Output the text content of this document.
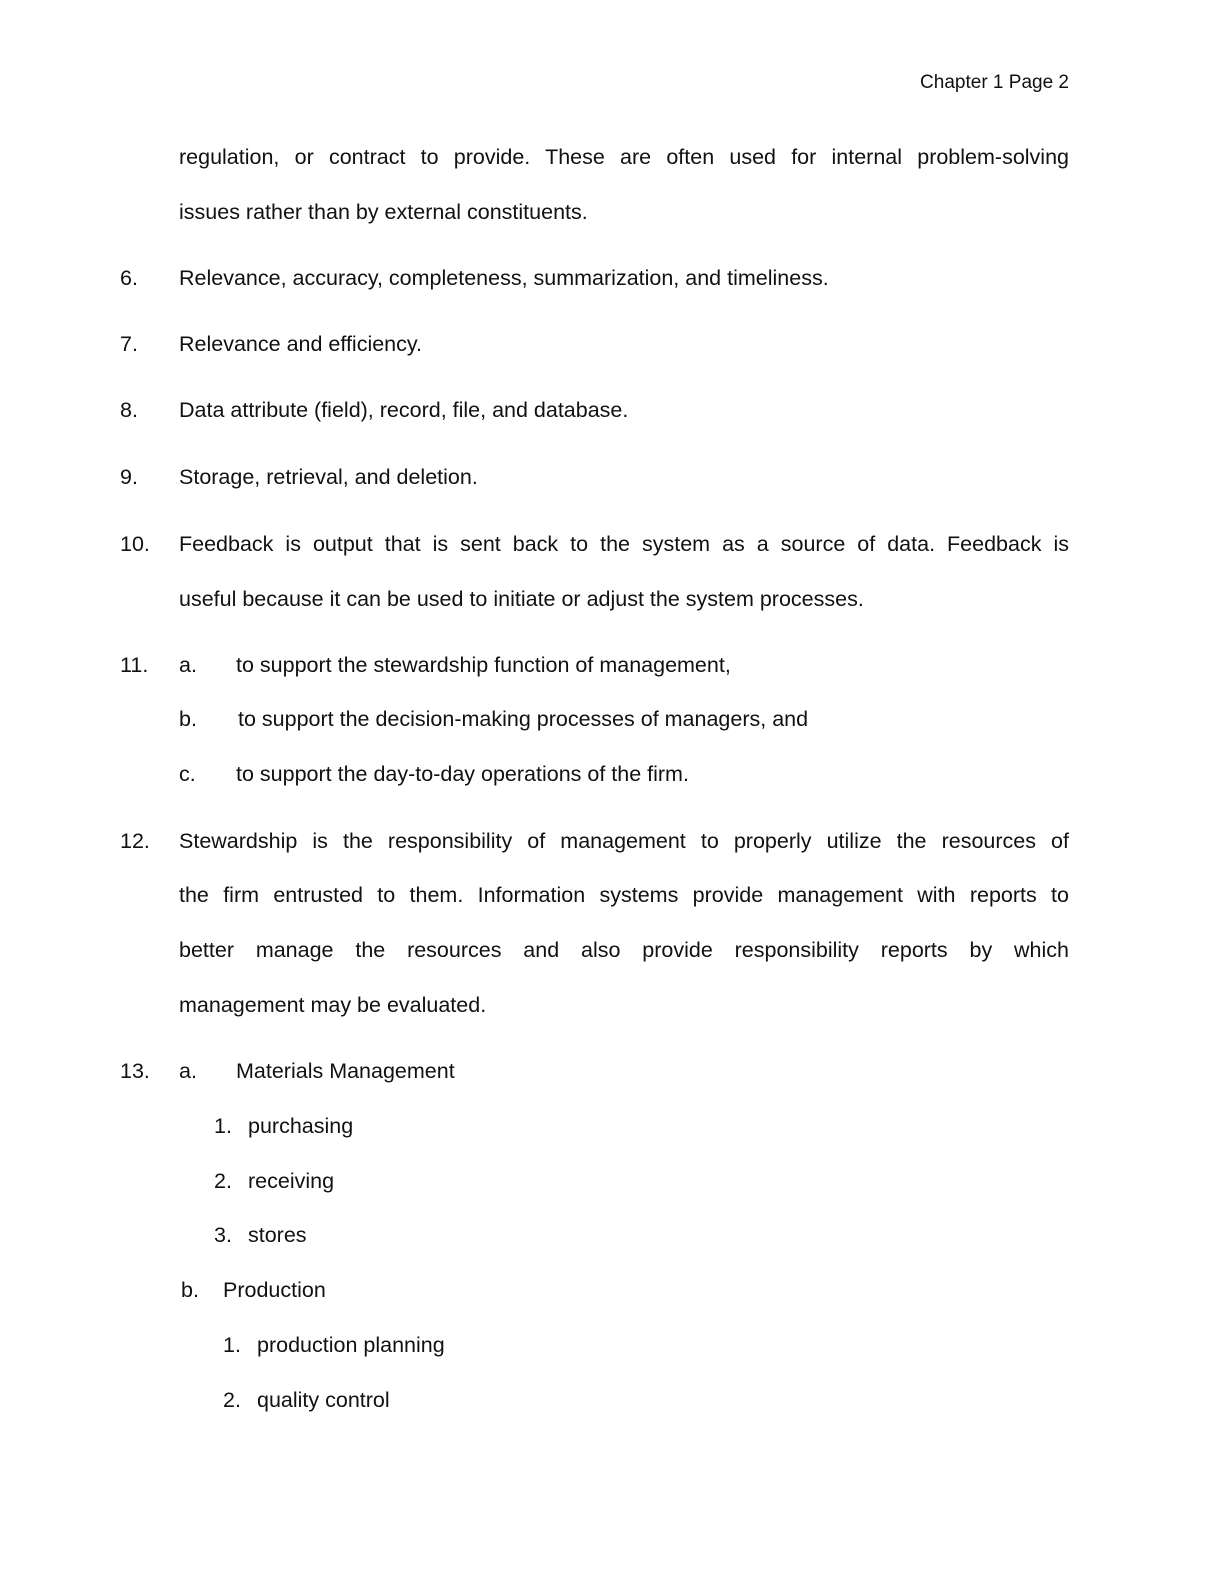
Chapter 1 Page 2
regulation, or contract to provide. These are often used for internal problem-solving
issues rather than by external constituents.
6. Relevance, accuracy, completeness, summarization, and timeliness.
7. Relevance and efficiency.
8. Data attribute (field), record, file, and database.
9. Storage, retrieval, and deletion.
10. Feedback is output that is sent back to the system as a source of data. Feedback is
useful because it can be used to initiate or adjust the system processes.
11. a. to support the stewardship function of management,
b. to support the decision-making processes of managers, and
c. to support the day-to-day operations of the firm.
12. Stewardship is the responsibility of management to properly utilize the resources of
the firm entrusted to them. Information systems provide management with reports to
better manage the resources and also provide responsibility reports by which
management may be evaluated.
13. a. Materials Management
1. purchasing
2. receiving
3. stores
b. Production
1. production planning
2. quality control
